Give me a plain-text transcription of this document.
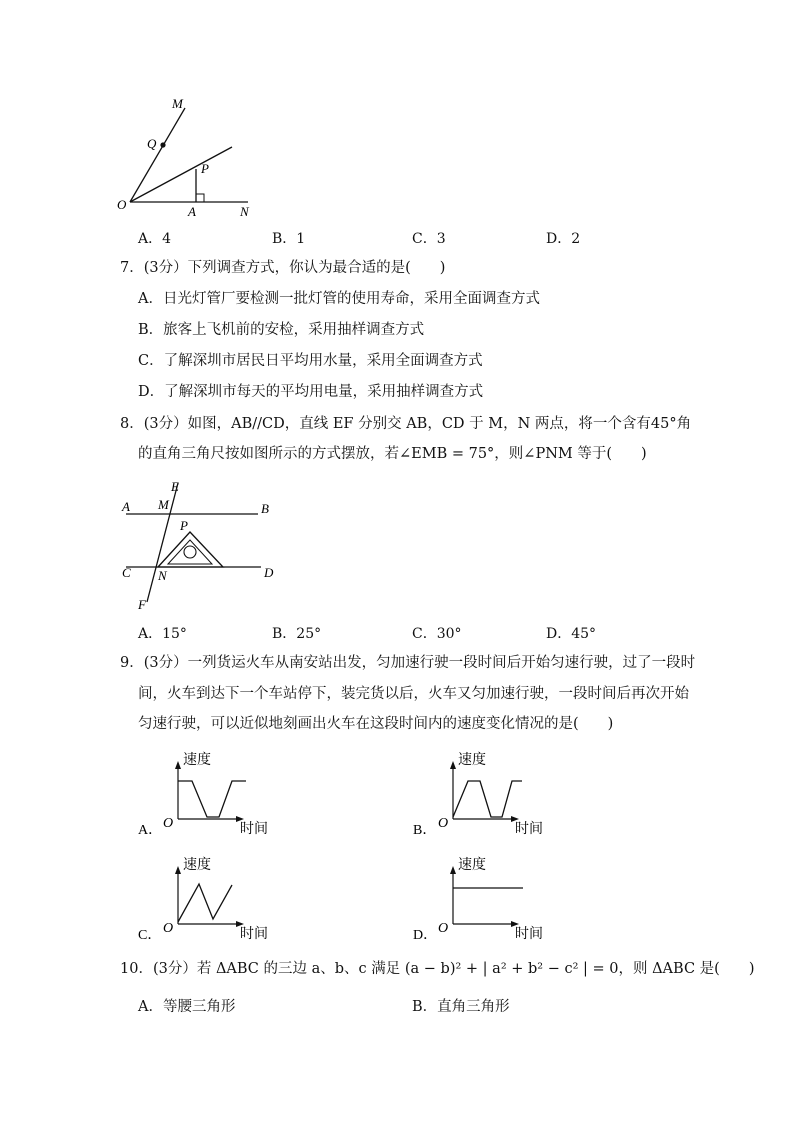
M
Q
P
O	A	N
A．4	B．1	C．3	D．2
7．(3分）下列调查方式，你认为最合适的是(　　)
A．日光灯管厂要检测一批灯管的使用寿命，采用全面调查方式
B．旅客上飞机前的安检，采用抽样调查方式
C．了解深圳市居民日平均用水量，采用全面调查方式
D．了解深圳市每天的平均用电量，采用抽样调查方式
8．(3分）如图，AB//CD，直线 EF 分别交 AB，CD 于 M，N 两点，将一个含有45°角
的直角三角尺按如图所示的方式摆放，若∠EMB = 75°，则∠PNM 等于(　　)
E
A M	B
P
C N	D
F
A．15°	B．25°	C．30°	D．45°
9．(3分）一列货运火车从南安站出发，匀加速行驶一段时间后开始匀速行驶，过了一段时
间，火车到达下一个车站停下，装完货以后，火车又匀加速行驶，一段时间后再次开始
匀速行驶，可以近似地刻画出火车在这段时间内的速度变化情况的是(　　)
速度
O	时间
A．
速度
O	时间
B．
速度
O	时间
C．
速度
O	时间
D．
10．(3分）若 ΔABC 的三边 a、b、c 满足 (a − b)² + | a² + b² − c² | = 0，则 ΔABC 是(　　)
A．等腰三角形	B．直角三角形
